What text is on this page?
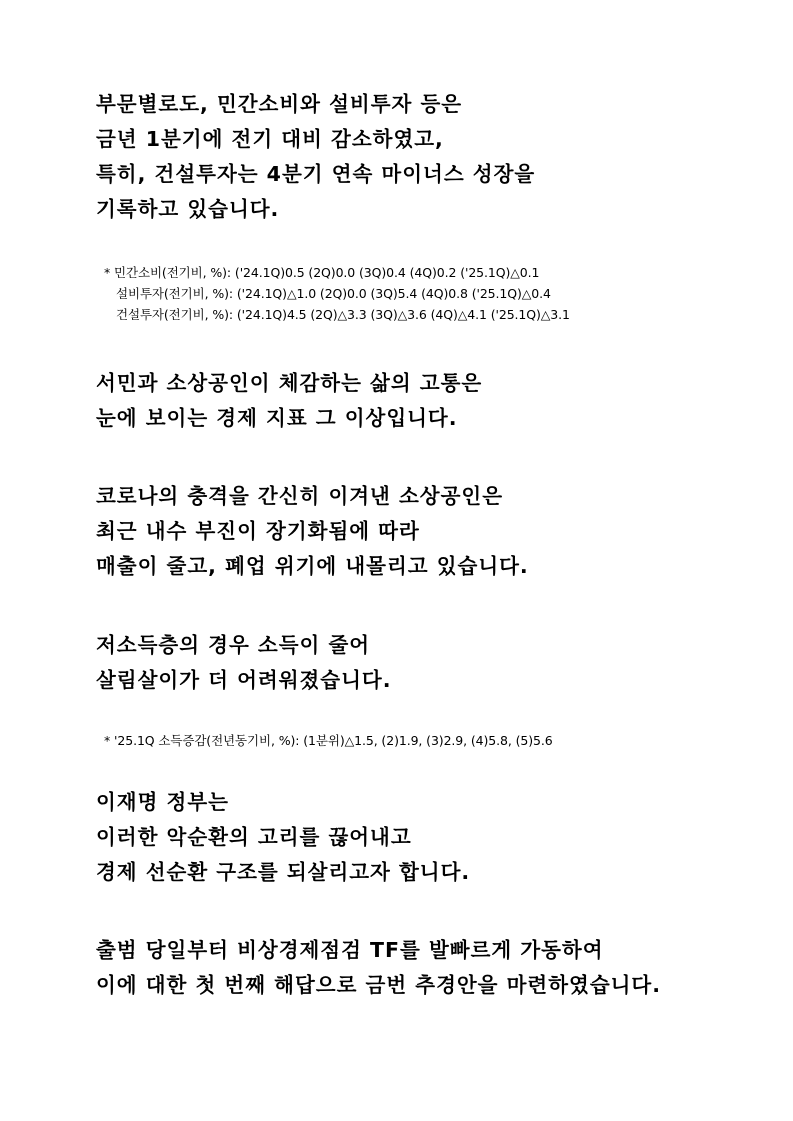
부문별로도, 민간소비와 설비투자 등은
금년 1분기에 전기 대비 감소하였고,
특히, 건설투자는 4분기 연속 마이너스 성장을
기록하고 있습니다.

* 민간소비(전기비, %): ('24.1Q)0.5 (2Q)0.0 (3Q)0.4 (4Q)0.2 ('25.1Q)△0.1
설비투자(전기비, %): ('24.1Q)△1.0 (2Q)0.0 (3Q)5.4 (4Q)0.8 ('25.1Q)△0.4
건설투자(전기비, %): ('24.1Q)4.5 (2Q)△3.3 (3Q)△3.6 (4Q)△4.1 ('25.1Q)△3.1

서민과 소상공인이 체감하는 삶의 고통은
눈에 보이는 경제 지표 그 이상입니다.

코로나의 충격을 간신히 이겨낸 소상공인은
최근 내수 부진이 장기화됨에 따라
매출이 줄고, 폐업 위기에 내몰리고 있습니다.

저소득층의 경우 소득이 줄어
살림살이가 더 어려워졌습니다.

* '25.1Q 소득증감(전년동기비, %): (1분위)△1.5, (2)1.9, (3)2.9, (4)5.8, (5)5.6

이재명 정부는
이러한 악순환의 고리를 끊어내고
경제 선순환 구조를 되살리고자 합니다.

출범 당일부터 비상경제점검 TF를 발빠르게 가동하여
이에 대한 첫 번째 해답으로 금번 추경안을 마련하였습니다.
